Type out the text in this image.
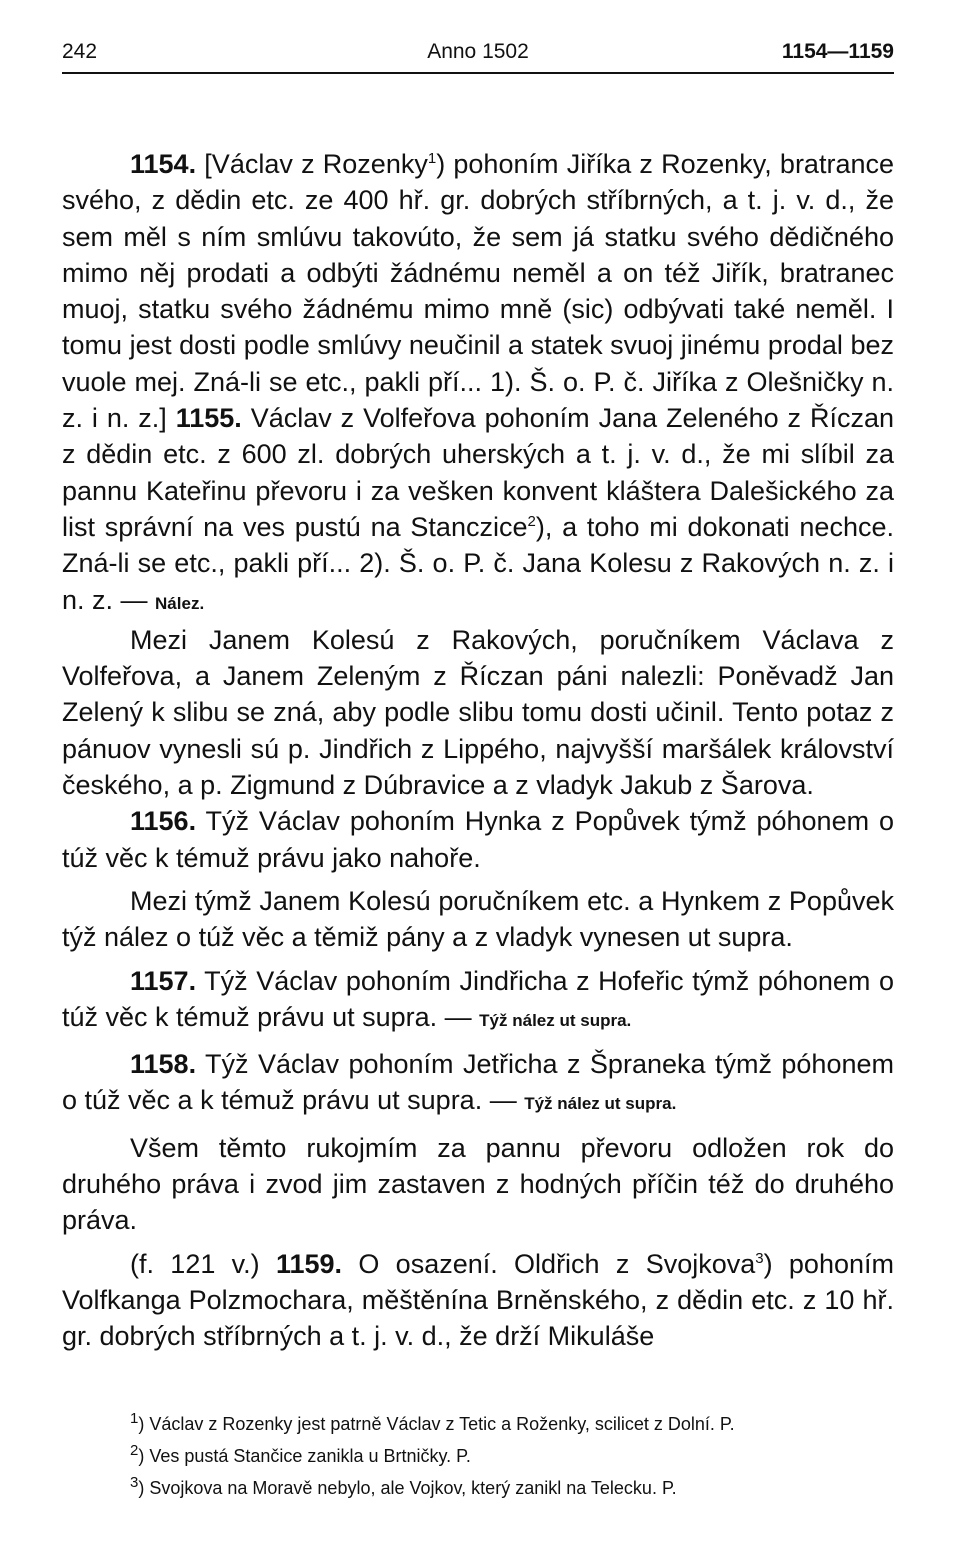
242	Anno 1502	1154—1159

1154. [Václav z Rozenky$^1$) pohoním Jiříka z Rozenky, bratrance svého, z dědin etc. ze 400 hř. gr. dobrých stříbrných, a t. j. v. d., že sem měl s ním smlúvu takovúto, že sem já statku svého dědičného mimo něj prodati a odbýti žádnému neměl a on též Jiřík, bratranec muoj, statku svého žádnému mimo mně (sic) odbývati také neměl. I tomu jest dosti podle smlúvy neučinil a statek svuoj jinému prodal bez vuole mej. Zná-li se etc., pakli pří... 1). Š. o. P. č. Jiříka z Olešničky n. z. i n. z.] 1155. Václav z Volfeřova pohoním Jana Zeleného z Říczan z dědin etc. z 600 zl. dobrých uherských a t. j. v. d., že mi slíbil za pannu Kateřinu převoru i za vešken konvent kláštera Dalešického za list správní na ves pustú na Stanczice$^2$), a toho mi dokonati nechce. Zná-li se etc., pakli pří... 2). Š. o. P. č. Jana Kolesu z Rakových n. z. i n. z. — Nález.

Mezi Janem Kolesú z Rakových, poručníkem Václava z Volfeřova, a Janem Zeleným z Říczan páni nalezli: Poněvadž Jan Zelený k slibu se zná, aby podle slibu tomu dosti učinil. Tento potaz z pánuov vynesli sú p. Jindřich z Lippého, najvyšší maršálek království českého, a p. Zigmund z Dúbravice a z vladyk Jakub z Šarova.

1156. Týž Václav pohoním Hynka z Popůvek týmž póhonem o túž věc k témuž právu jako nahoře.

Mezi týmž Janem Kolesú poručníkem etc. a Hynkem z Popůvek týž nález o túž věc a těmiž pány a z vladyk vynesen ut supra.

1157. Týž Václav pohoním Jindřicha z Hofeřic týmž póhonem o túž věc k témuž právu ut supra. — Týž nález ut supra.

1158. Týž Václav pohoním Jetřicha z Špraneka týmž póhonem o túž věc a k témuž právu ut supra. — Týž nález ut supra.

Všem těmto rukojmím za pannu převoru odložen rok do druhého práva i zvod jim zastaven z hodných příčin též do druhého práva.

(f. 121 v.) 1159. O osazení. Oldřich z Svojkova$^3$) pohoním Volfkanga Polzmochara, měštěnína Brněnského, z dědin etc. z 10 hř. gr. dobrých stříbrných a t. j. v. d., že drží Mikuláše

$^1$) Václav z Rozenky jest patrně Václav z Tetic a Roženky, scilicet z Dolní. P.

$^2$) Ves pustá Stančice zanikla u Brtničky. P.

$^3$) Svojkova na Moravě nebylo, ale Vojkov, který zanikl na Telecku. P.
